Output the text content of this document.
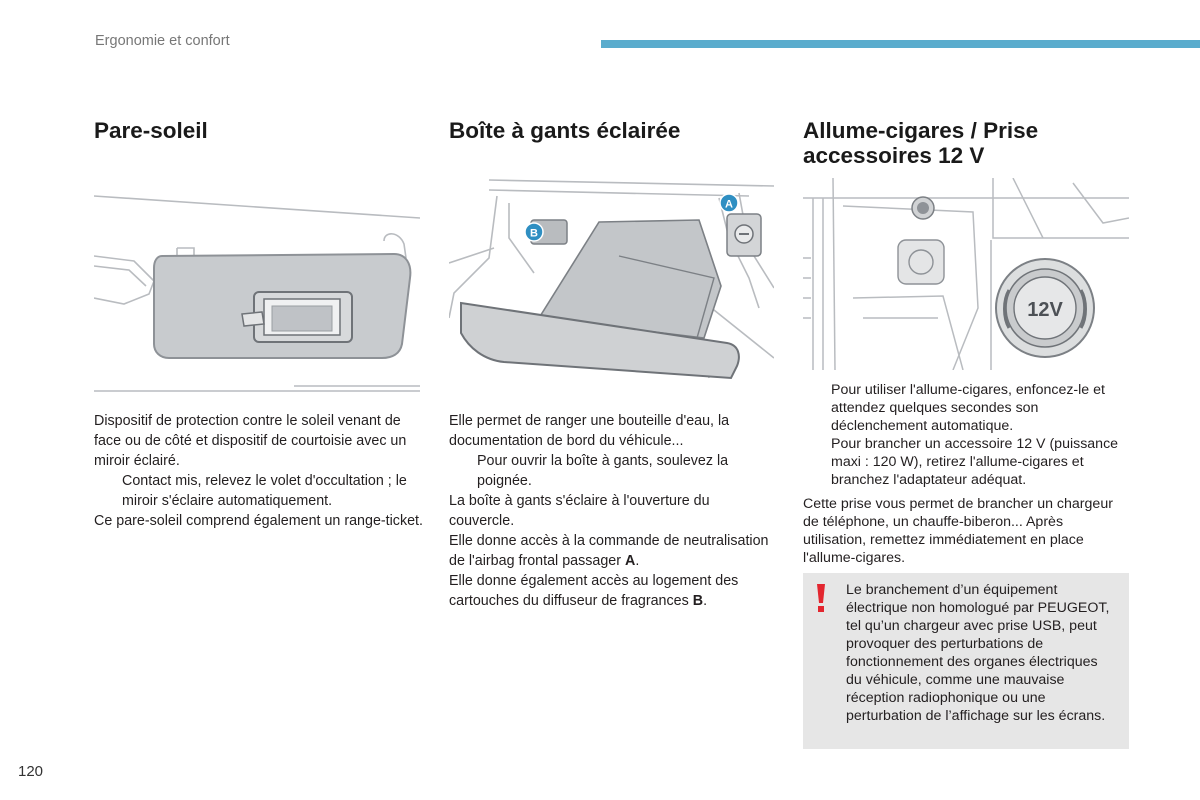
Ergonomie et confort
Pare-soleil	Boîte à gants éclairée	Allume-cigares / Prise accessoires 12 V
B
A
12V

Dispositif de protection contre le soleil venant de face ou de côté et dispositif de courtoisie avec un miroir éclairé.

Contact mis, relevez le volet d'occultation ; le miroir s'éclaire automatiquement.

Ce pare-soleil comprend également un range-ticket.

Elle permet de ranger une bouteille d'eau, la documentation de bord du véhicule...

Pour ouvrir la boîte à gants, soulevez la poignée.

La boîte à gants s'éclaire à l'ouverture du couvercle.

Elle donne accès à la commande de neutralisation de l'airbag frontal passager A.

Elle donne également accès au logement des cartouches du diffuseur de fragrances B.

Pour utiliser l'allume-cigares, enfoncez-le et attendez quelques secondes son déclenchement automatique.
Pour brancher un accessoire 12 V (puissance maxi : 120 W), retirez l'allume-cigares et branchez l'adaptateur adéquat.

Cette prise vous permet de brancher un chargeur de téléphone, un chauffe-biberon... Après utilisation, remettez immédiatement en place l'allume-cigares.

Le branchement d’un équipement électrique non homologué par PEUGEOT, tel qu’un chargeur avec prise USB, peut provoquer des perturbations de fonctionnement des organes électriques du véhicule, comme une mauvaise réception radiophonique ou une perturbation de l’affichage sur les écrans.
120
